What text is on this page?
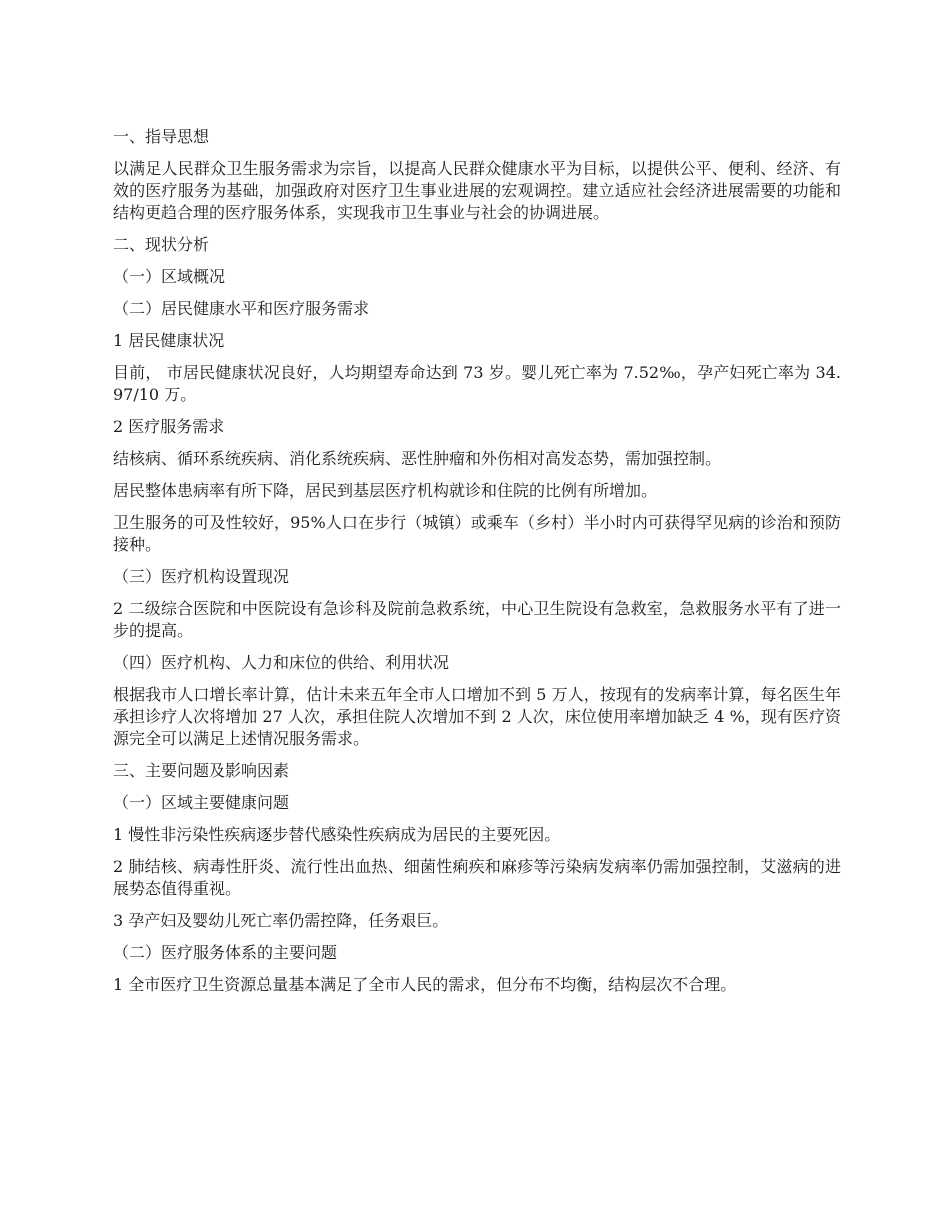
一、指导思想

以满足人民群众卫生服务需求为宗旨，以提高人民群众健康水平为目标，以提供公平、便利、经济、有效的医疗服务为基础，加强政府对医疗卫生事业进展的宏观调控。建立适应社会经济进展需要的功能和结构更趋合理的医疗服务体系，实现我市卫生事业与社会的协调进展。

二、现状分析

（一）区域概况

（二）居民健康水平和医疗服务需求

1 居民健康状况

目前， 市居民健康状况良好，人均期望寿命达到 73 岁。婴儿死亡率为 7.52‰，孕产妇死亡率为 34.97/10 万。

2 医疗服务需求

结核病、循环系统疾病、消化系统疾病、恶性肿瘤和外伤相对高发态势，需加强控制。

居民整体患病率有所下降，居民到基层医疗机构就诊和住院的比例有所增加。

卫生服务的可及性较好，95%人口在步行（城镇）或乘车（乡村）半小时内可获得罕见病的诊治和预防接种。

（三）医疗机构设置现况

2 二级综合医院和中医院设有急诊科及院前急救系统，中心卫生院设有急救室，急救服务水平有了进一步的提高。

（四）医疗机构、人力和床位的供给、利用状况

根据我市人口增长率计算，估计未来五年全市人口增加不到 5 万人，按现有的发病率计算，每名医生年承担诊疗人次将增加 27 人次，承担住院人次增加不到 2 人次，床位使用率增加缺乏 4 %，现有医疗资源完全可以满足上述情况服务需求。

三、主要问题及影响因素

（一）区域主要健康问题

1 慢性非污染性疾病逐步替代感染性疾病成为居民的主要死因。

2 肺结核、病毒性肝炎、流行性出血热、细菌性痢疾和麻疹等污染病发病率仍需加强控制，艾滋病的进展势态值得重视。

3 孕产妇及婴幼儿死亡率仍需控降，任务艰巨。

（二）医疗服务体系的主要问题

1 全市医疗卫生资源总量基本满足了全市人民的需求，但分布不均衡，结构层次不合理。
